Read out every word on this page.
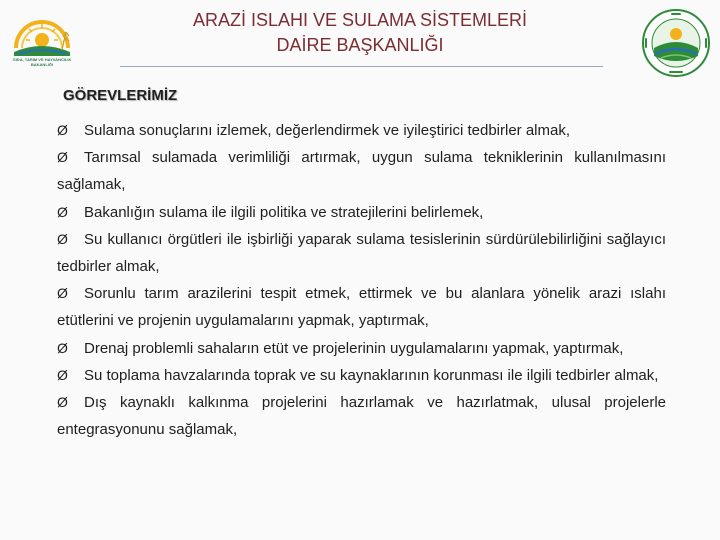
GIDA, TARIM VE HAYVANCILIK BAKANLIĞI
ARAZİ ISLAHI VE SULAMA SİSTEMLERİ
DAİRE BAŞKANLIĞI
GÖREVLERİMİZ
Ø Sulama sonuçlarını izlemek, değerlendirmek ve iyileştirici tedbirler almak,
Ø Tarımsal sulamada verimliliği artırmak, uygun sulama tekniklerinin kullanılmasını sağlamak,
Ø Bakanlığın sulama ile ilgili politika ve stratejilerini belirlemek,
Ø Su kullanıcı örgütleri ile işbirliği yaparak sulama tesislerinin sürdürülebilirliğini sağlayıcı tedbirler almak,
Ø Sorunlu tarım arazilerini tespit etmek, ettirmek ve bu alanlara yönelik arazi ıslahı etütlerini ve projenin uygulamalarını yapmak, yaptırmak,
Ø Drenaj problemli sahaların etüt ve projelerinin uygulamalarını yapmak, yaptırmak,
Ø Su toplama havzalarında toprak ve su kaynaklarının korunması ile ilgili tedbirler almak,
Ø Dış kaynaklı kalkınma projelerini hazırlamak ve hazırlatmak, ulusal projelerle entegrasyonunu sağlamak,
